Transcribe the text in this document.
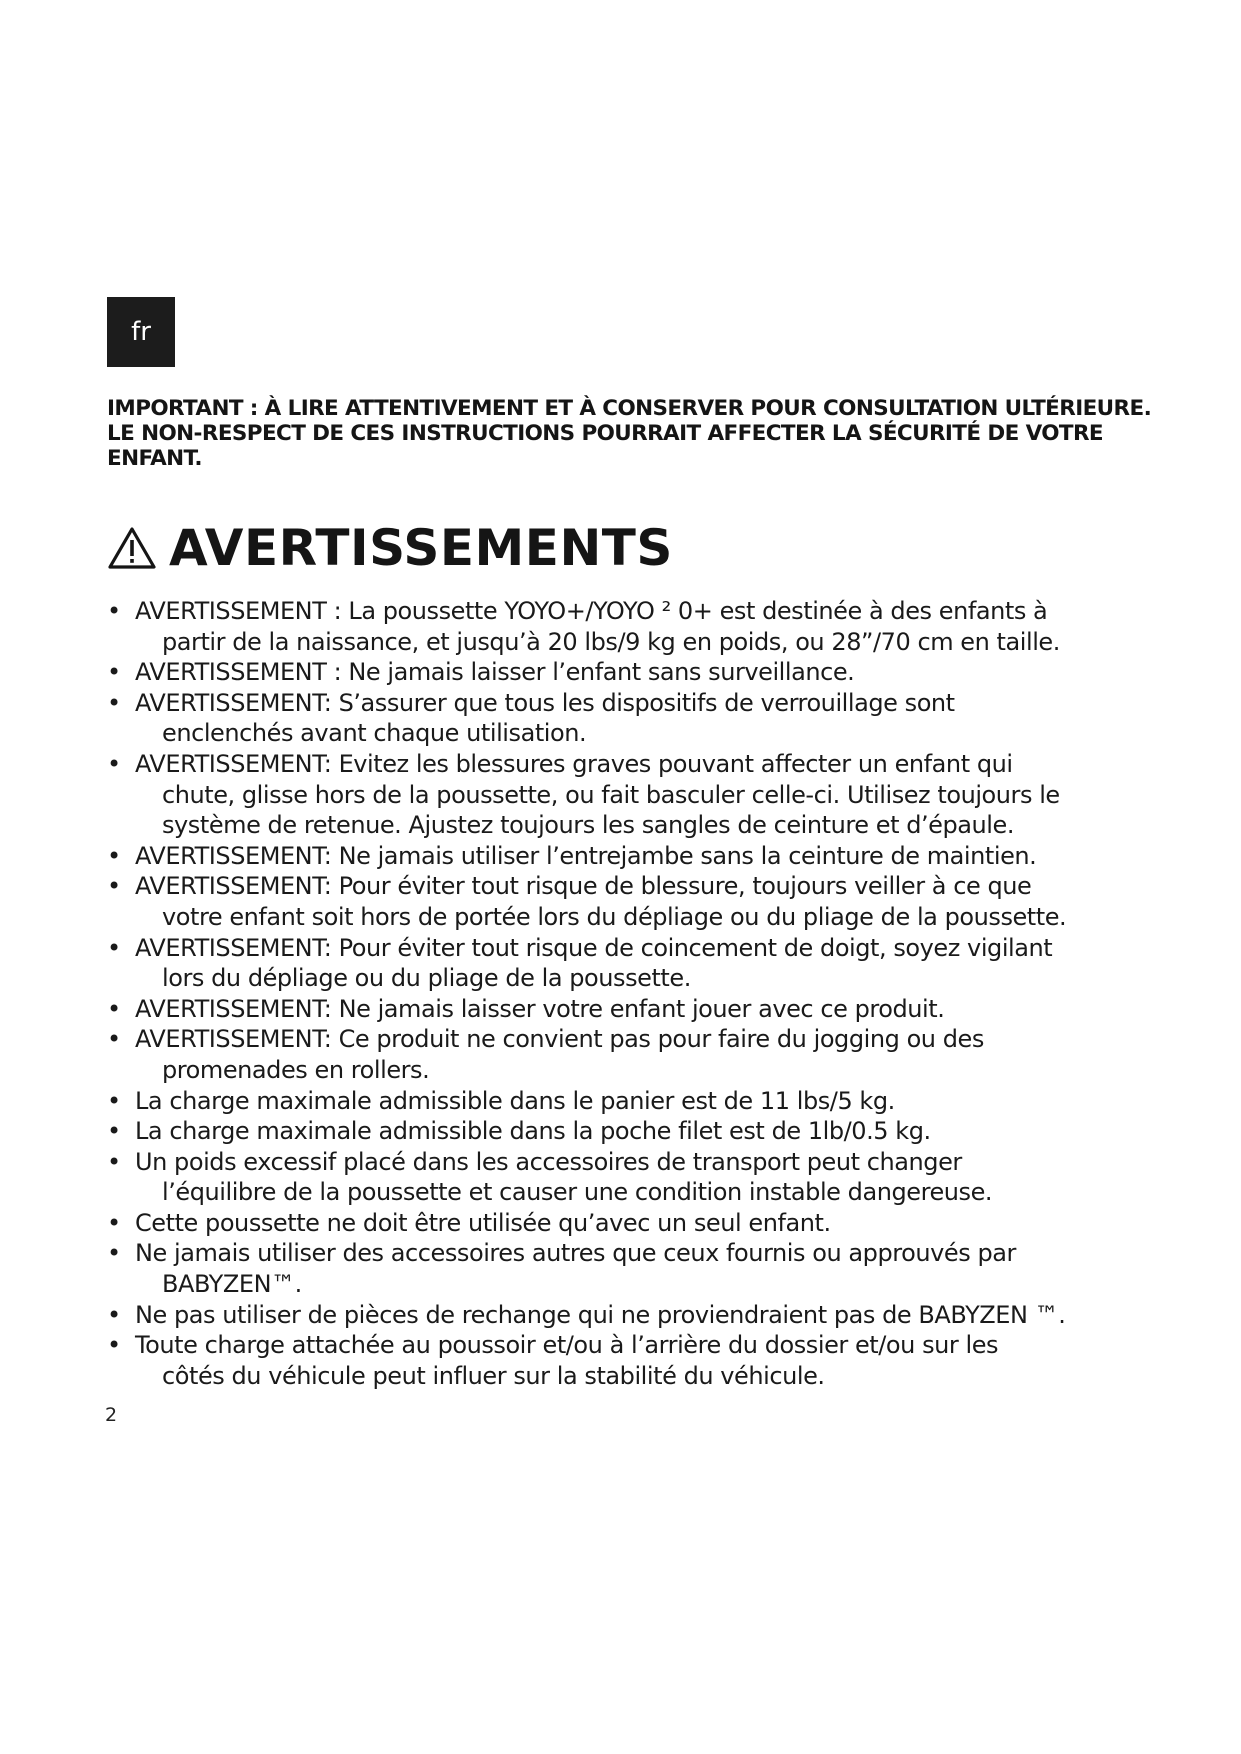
fr
IMPORTANT : À LIRE ATTENTIVEMENT ET À CONSERVER POUR CONSULTATION ULTÉRIEURE.
LE NON-RESPECT DE CES INSTRUCTIONS POURRAIT AFFECTER LA SÉCURITÉ DE VOTRE
ENFANT.
AVERTISSEMENTS
• AVERTISSEMENT : La poussette YOYO+/YOYO ² 0+ est destinée à des enfants à
partir de la naissance, et jusqu’à 20 lbs/9 kg en poids, ou 28”/70 cm en taille.
• AVERTISSEMENT : Ne jamais laisser l’enfant sans surveillance.
• AVERTISSEMENT: S’assurer que tous les dispositifs de verrouillage sont
enclenchés avant chaque utilisation.
• AVERTISSEMENT: Evitez les blessures graves pouvant affecter un enfant qui
chute, glisse hors de la poussette, ou fait basculer celle-ci. Utilisez toujours le
système de retenue. Ajustez toujours les sangles de ceinture et d’épaule.
• AVERTISSEMENT: Ne jamais utiliser l’entrejambe sans la ceinture de maintien.
• AVERTISSEMENT: Pour éviter tout risque de blessure, toujours veiller à ce que
votre enfant soit hors de portée lors du dépliage ou du pliage de la poussette.
• AVERTISSEMENT: Pour éviter tout risque de coincement de doigt, soyez vigilant
lors du dépliage ou du pliage de la poussette.
• AVERTISSEMENT: Ne jamais laisser votre enfant jouer avec ce produit.
• AVERTISSEMENT: Ce produit ne convient pas pour faire du jogging ou des
promenades en rollers.
• La charge maximale admissible dans le panier est de 11 lbs/5 kg.
• La charge maximale admissible dans la poche filet est de 1lb/0.5 kg.
• Un poids excessif placé dans les accessoires de transport peut changer
l’équilibre de la poussette et causer une condition instable dangereuse.
• Cette poussette ne doit être utilisée qu’avec un seul enfant.
• Ne jamais utiliser des accessoires autres que ceux fournis ou approuvés par
BABYZEN™.
• Ne pas utiliser de pièces de rechange qui ne proviendraient pas de BABYZEN ™.
• Toute charge attachée au poussoir et/ou à l’arrière du dossier et/ou sur les
côtés du véhicule peut influer sur la stabilité du véhicule.
2
